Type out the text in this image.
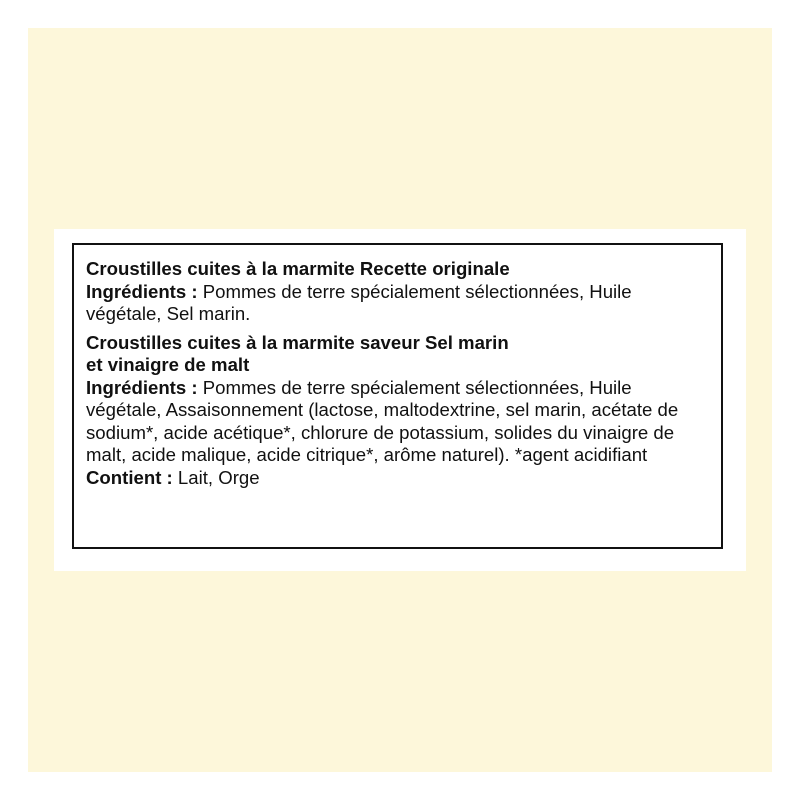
Croustilles cuites à la marmite Recette originale

Ingrédients : Pommes de terre spécialement sélectionnées, Huile végétale, Sel marin.

Croustilles cuites à la marmite saveur Sel marin
et vinaigre de malt

Ingrédients : Pommes de terre spécialement sélectionnées, Huile végétale, Assaisonnement (lactose, maltodextrine, sel marin, acétate de sodium*, acide acétique*, chlorure de potassium, solides du vinaigre de malt, acide malique, acide citrique*, arôme naturel). *agent acidifiant

Contient : Lait, Orge
